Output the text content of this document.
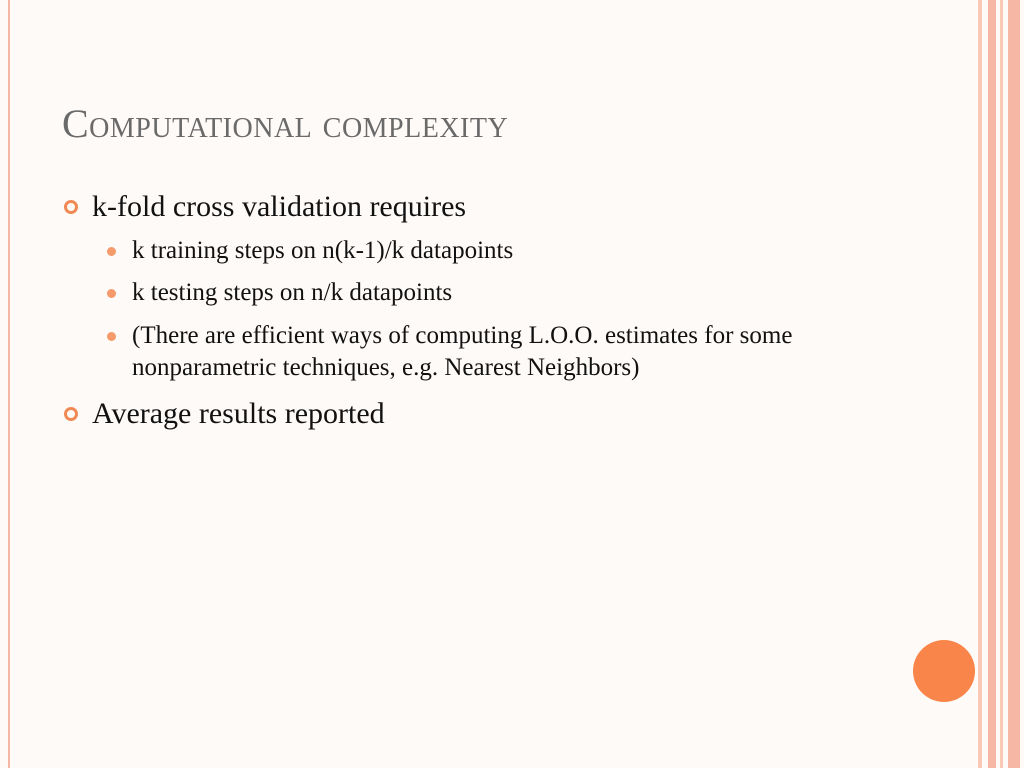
Computational complexity
k-fold cross validation requires
k training steps on n(k-1)/k datapoints
k testing steps on n/k datapoints
(There are efficient ways of computing L.O.O. estimates for some nonparametric techniques, e.g. Nearest Neighbors)
Average results reported
